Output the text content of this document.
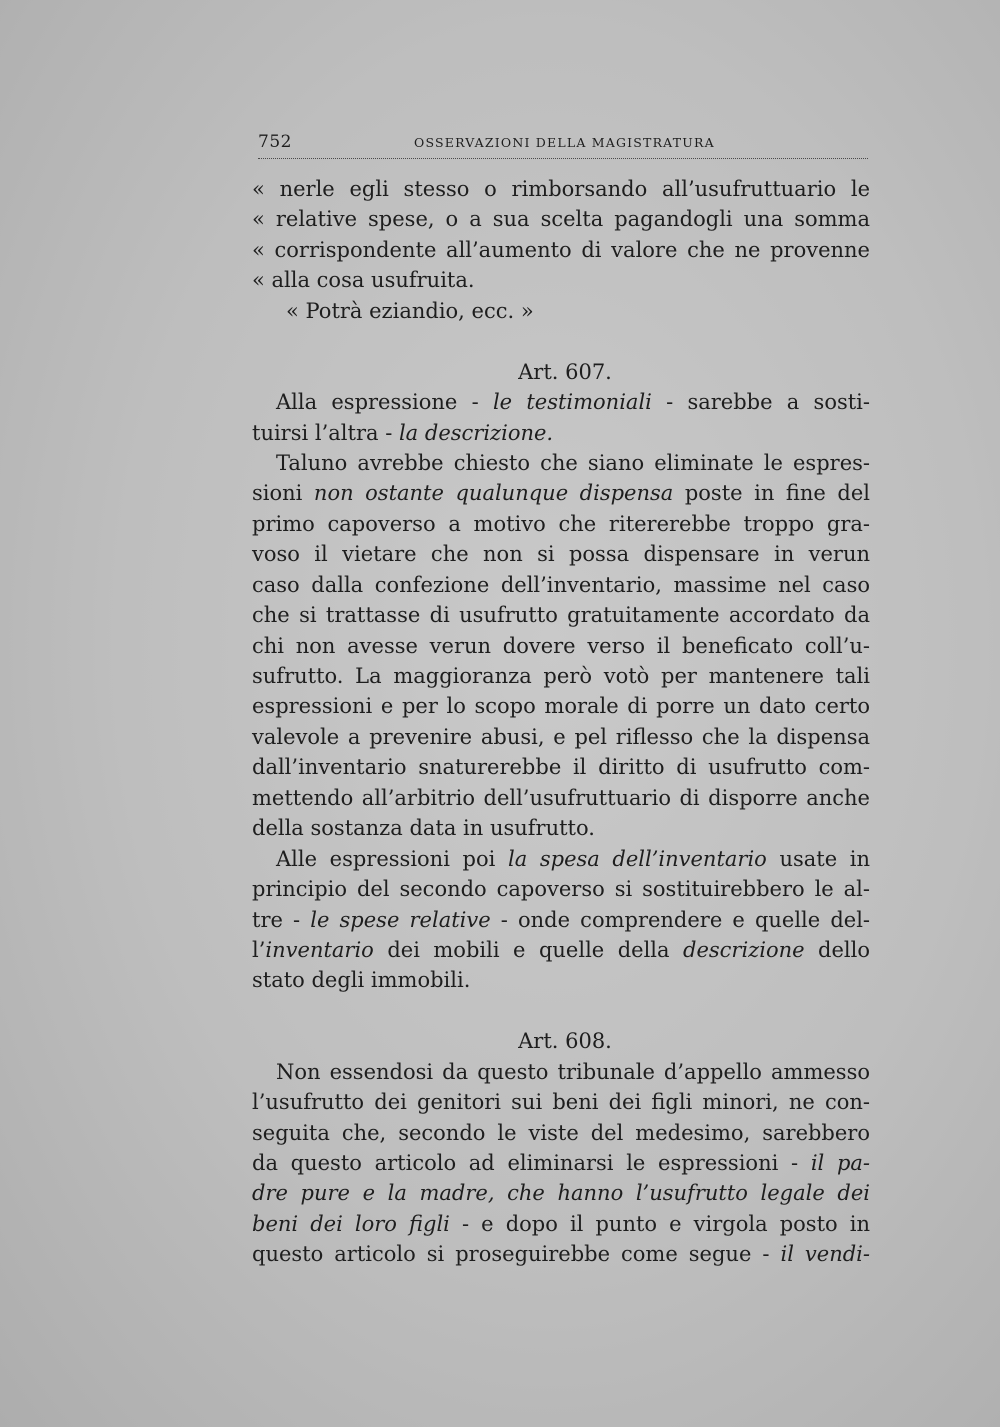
752	OSSERVAZIONI DELLA MAGISTRATURA
« nerle egli stesso o rimborsando all’usufruttuario le
« relative spese, o a sua scelta pagandogli una somma
« corrispondente all’aumento di valore che ne provenne
« alla cosa usufruita.
« Potrà eziandio, ecc. »
Art. 607.
Alla espressione - le testimoniali - sarebbe a sosti-
tuirsi l’altra - la descrizione.
Taluno avrebbe chiesto che siano eliminate le espres-
sioni non ostante qualunque dispensa poste in fine del
primo capoverso a motivo che ritererebbe troppo gra-
voso il vietare che non si possa dispensare in verun
caso dalla confezione dell’inventario, massime nel caso
che si trattasse di usufrutto gratuitamente accordato da
chi non avesse verun dovere verso il beneficato coll’u-
sufrutto. La maggioranza però votò per mantenere tali
espressioni e per lo scopo morale di porre un dato certo
valevole a prevenire abusi, e pel riflesso che la dispensa
dall’inventario snaturerebbe il diritto di usufrutto com-
mettendo all’arbitrio dell’usufruttuario di disporre anche
della sostanza data in usufrutto.
Alle espressioni poi la spesa dell’inventario usate in
principio del secondo capoverso si sostituirebbero le al-
tre - le spese relative - onde comprendere e quelle del-
l’inventario dei mobili e quelle della descrizione dello
stato degli immobili.
Art. 608.
Non essendosi da questo tribunale d’appello ammesso
l’usufrutto dei genitori sui beni dei figli minori, ne con-
seguita che, secondo le viste del medesimo, sarebbero
da questo articolo ad eliminarsi le espressioni - il pa-
dre pure e la madre, che hanno l’usufrutto legale dei
beni dei loro figli - e dopo il punto e virgola posto in
questo articolo si proseguirebbe come segue - il vendi-
